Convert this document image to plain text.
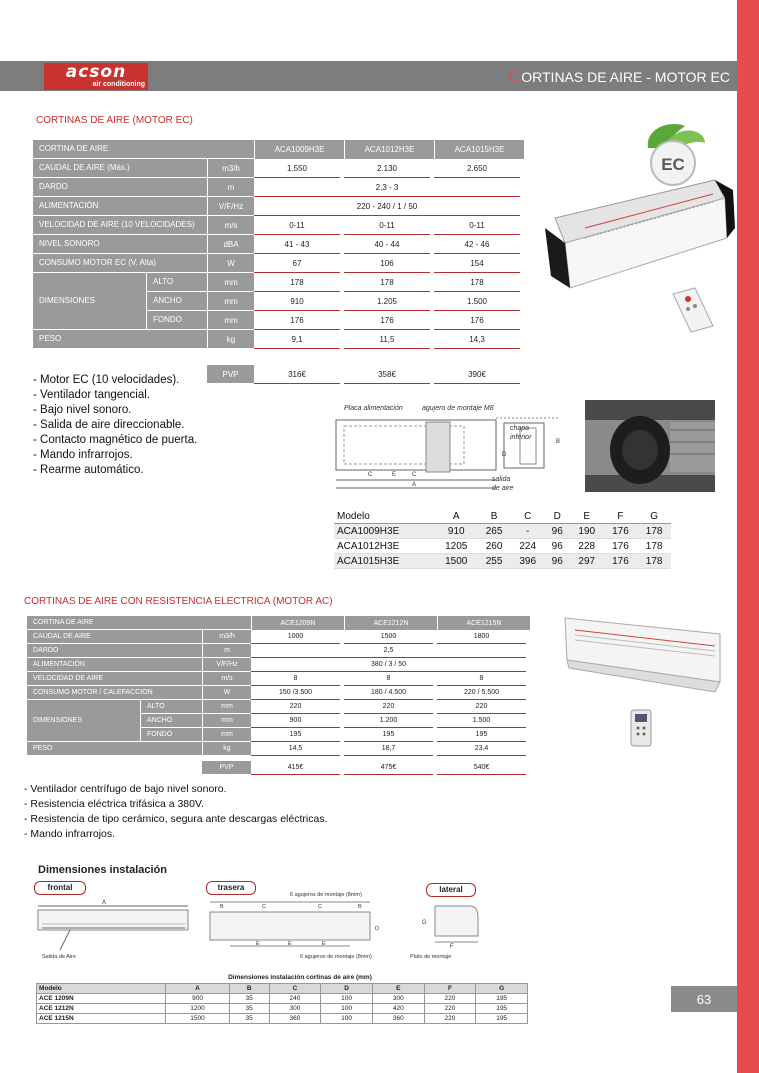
63
acson
air conditioning	CORTINAS DE AIRE - MOTOR EC
CORTINAS DE AIRE (MOTOR EC)
CORTINA DE AIRE	ACA1009H3E	ACA1012H3E	ACA1015H3E
DIMENSIONES
CAUDAL DE AIRE (Máx.)	m3/h	1.550	2.130	2.650
DARDO	m	2,3 - 3
ALIMENTACIÓN	V/F/Hz	220 - 240 / 1 / 50
VELOCIDAD DE AIRE (10 VELOCIDADES)	m/s	0-11	0-11	0-11
NIVEL SONORO	dBA	41 - 43	40 - 44	42 - 46
CONSUMO MOTOR EC (V. Alta)	W	67	106	154
ALTO	mm	178	178	178
ANCHO	mm	910	1.205	1.500
FONDO	mm	176	176	176
PESO	kg	9,1	11,5	14,3
PVP	316€	358€	390€
- Motor EC (10 velocidades).
- Ventilador tangencial.
- Bajo nivel sonoro.
- Salida de aire direccionable.
- Contacto magnético de puerta.
- Mando infrarrojos.
- Rearme automático.
EC
Placa alimentación	agujero de montaje M8
chapa
inferior
salida
de aire
C	E	C
A
B
D
Modelo	A	B	C	D	E	F	G
ACA1009H3E	910	265	-	96	190	176	178
ACA1012H3E	1205	260	224	96	228	176	178
ACA1015H3E	1500	255	396	96	297	176	178
CORTINAS DE AIRE CON RESISTENCIA ELECTRICA (MOTOR AC)
CORTINA DE AIRE	ACE1209N	ACE1212N	ACE1215N
DIMENSIONES
CAUDAL DE AIRE	m3/h	1000	1500	1800
DARDO	m	2,5
ALIMENTACIÓN	V/F/Hz	380 / 3 / 50
VELOCIDAD DE AIRE	m/s	8	8	8
CONSUMO MOTOR / CALEFACCION	W	150 /3.500	180 / 4.500	220 / 5.500
ALTO	mm	220	220	220
ANCHO	mm	900	1.200	1.500
FONDO	mm	195	195	195
PESO	kg	14,5	18,7	23,4
PVP	415€	475€	540€
- Ventilador centrífugo de bajo nivel sonoro.
- Resistencia eléctrica trifásica a 380V.
- Resistencia de tipo cerámico, segura ante descargas eléctricas.
- Mando infrarrojos.
Dimensiones instalación
frontal	trasera	lateral
A
Salida de Aire
6 agujeros de montaje (8mm)
B	C	C	B
D
E	E	E
6 agujeros de montaje (8mm)
G
F
Plato de montaje
Dimensiones instalación cortinas de aire (mm)
Modelo	A	B	C	D	E	F	G
ACE 1209N	900	35	240	100	300	220	195
ACE 1212N	1200	35	300	100	420	220	195
ACE 1215N	1500	35	360	100	360	220	195
